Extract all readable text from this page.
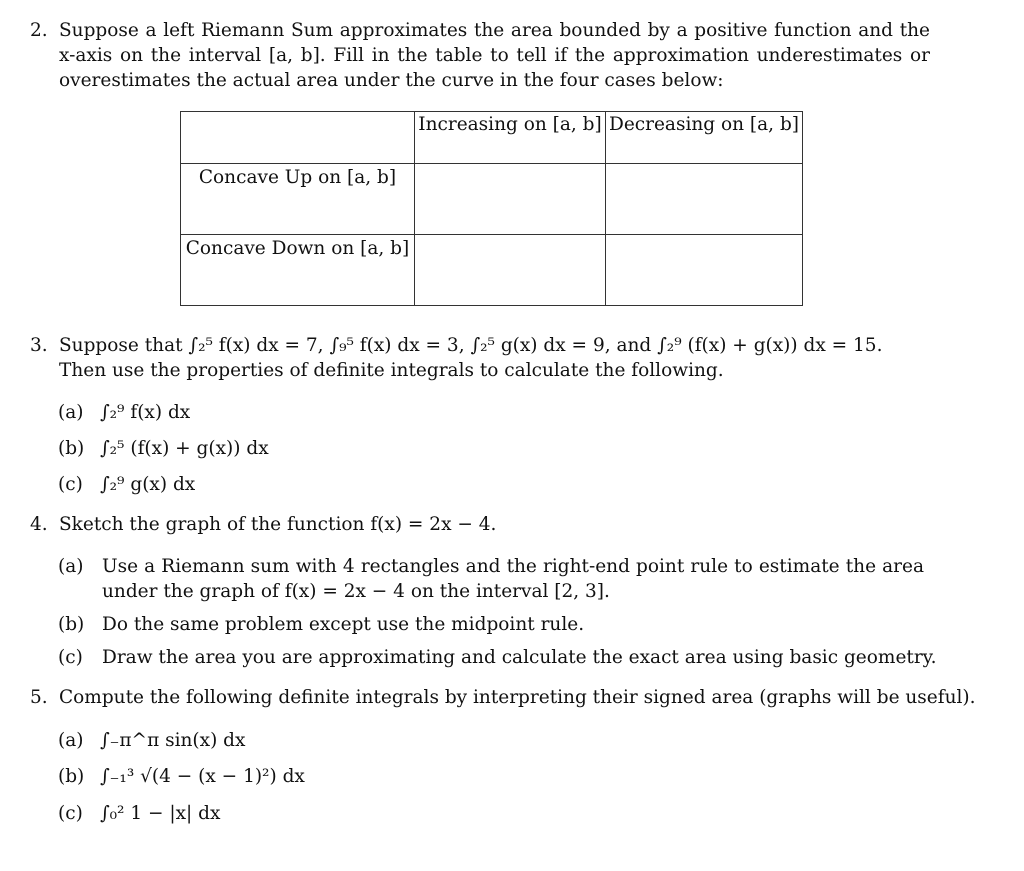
2. Suppose a left Riemann Sum approximates the area bounded by a positive function and the x-axis on the interval [a, b]. Fill in the table to tell if the approximation underestimates or overestimates the actual area under the curve in the four cases below:
	Increasing on [a, b]	Decreasing on [a, b]
Concave Up on [a, b]		
Concave Down on [a, b]		
3. Suppose that ∫₂⁵ f(x) dx = 7, ∫₉⁵ f(x) dx = 3, ∫₂⁵ g(x) dx = 9, and ∫₂⁹ (f(x) + g(x)) dx = 15.
Then use the properties of definite integrals to calculate the following.
(a) ∫₂⁹ f(x) dx
(b) ∫₂⁵ (f(x) + g(x)) dx
(c) ∫₂⁹ g(x) dx
4. Sketch the graph of the function f(x) = 2x − 4.
(a)	Use a Riemann sum with 4 rectangles and the right-end point rule to estimate the area under the graph of f(x) = 2x − 4 on the interval [2, 3].
(b) Do the same problem except use the midpoint rule.
(c) Draw the area you are approximating and calculate the exact area using basic geometry.
5. Compute the following definite integrals by interpreting their signed area (graphs will be useful).
(a) ∫₋π^π sin(x) dx
(b) ∫₋₁³ √(4 − (x − 1)²) dx
(c) ∫₀² 1 − |x| dx
